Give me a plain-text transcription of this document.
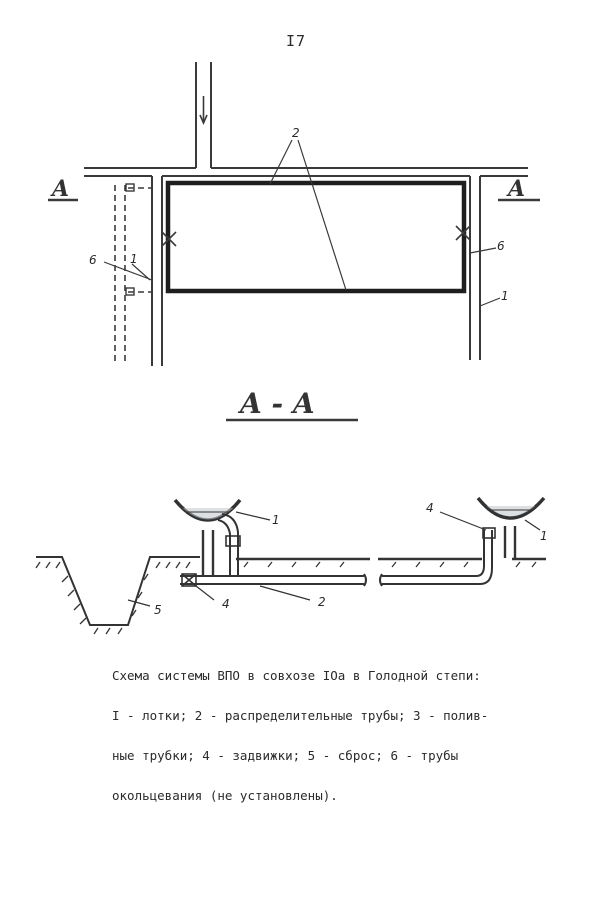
I7
A	A
2
6	1
6
1
A - A
1
4	2
5
4
1

Схема системы ВПО в совхозе IOа в Голодной степи:

I - лотки; 2 - распределительные трубы; 3 - полив-

ные трубки; 4 - задвижки; 5 - сброс; 6 - трубы

окольцевания (не установлены).
